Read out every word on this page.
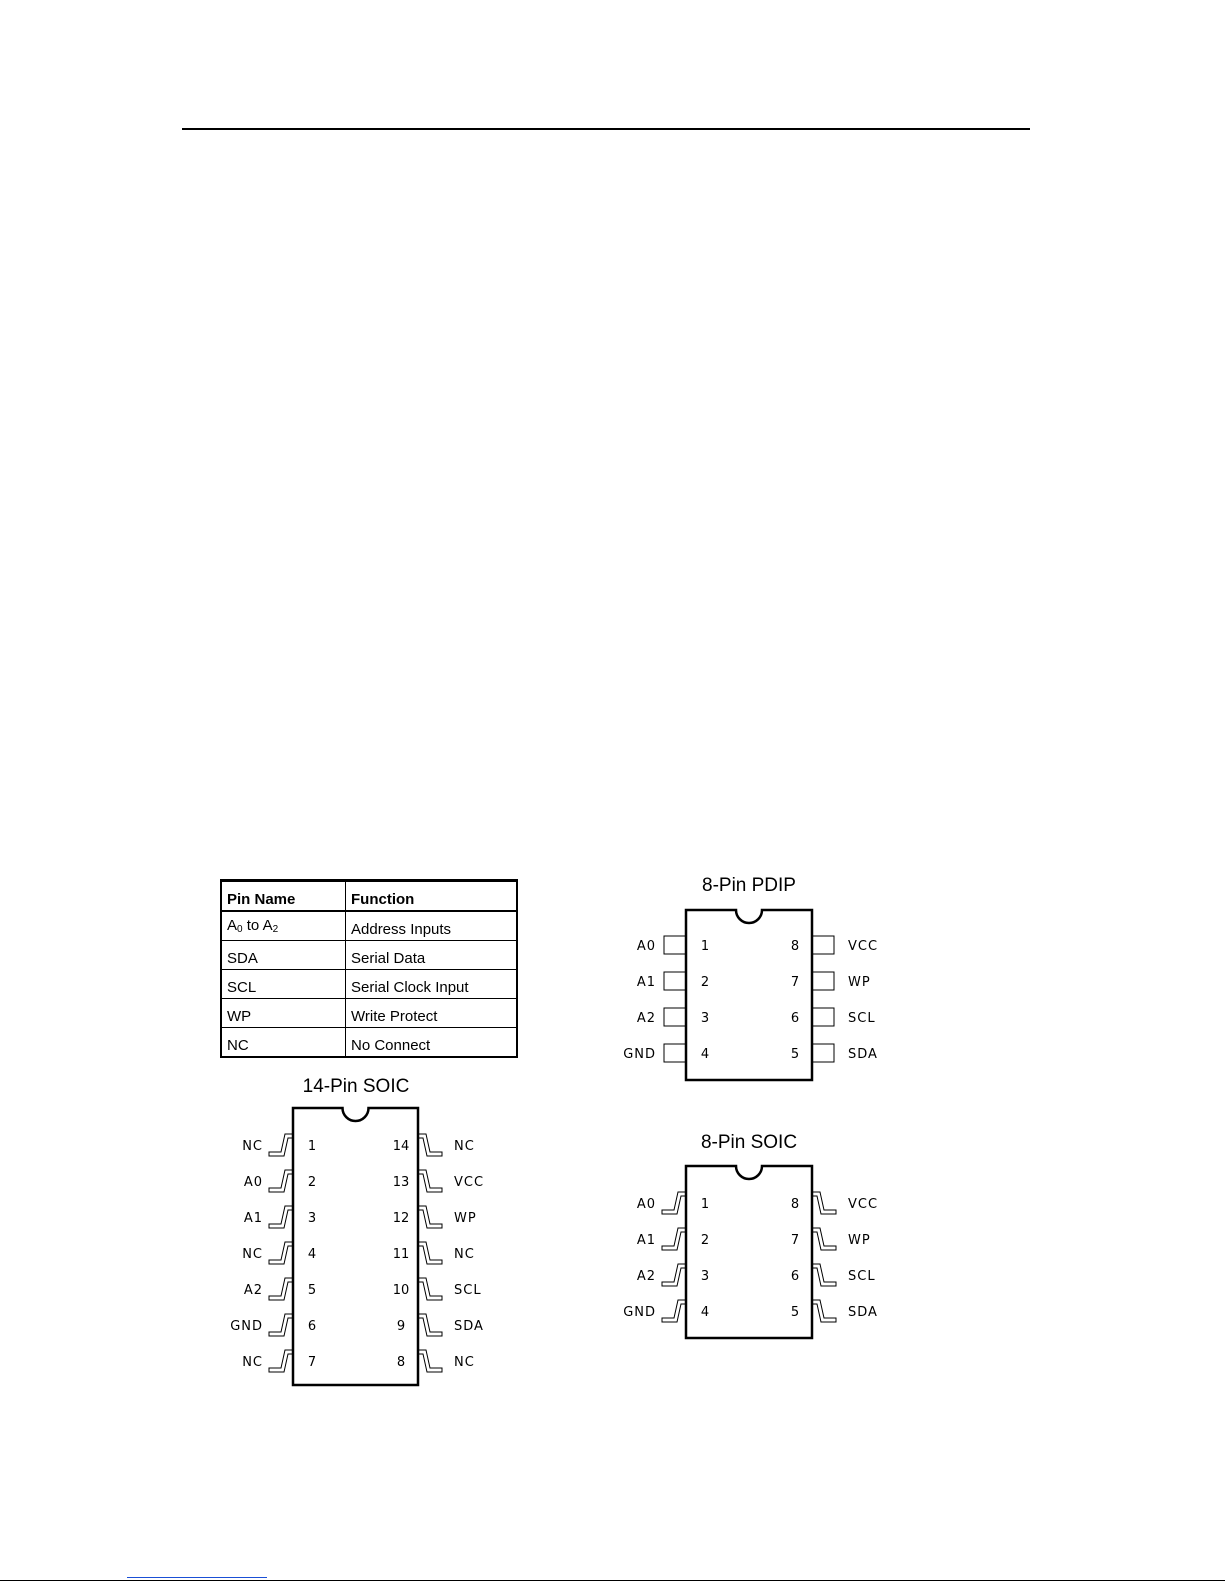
Pin Name	Function
$A_0$ to $A_2$	Address Inputs
SDA	Serial Data
SCL	Serial Clock Input
WP	Write Protect
NC	No Connect
8-Pin PDIP
A0	1
A1	2
A2	3
GND	4
VCC
8
WP
7
SCL
6
SDA
5
8-Pin SOIC
A0	1
A1	2
A2	3
GND	4
VCC
8
WP
7
SCL
6
SDA
5
14-Pin SOIC
NC	1
A0	2
A1	3
NC	4
A2	5
GND	6
NC	7
NC
14
VCC
13
WP
12
NC
11
SCL
10
SDA
9
NC
8
